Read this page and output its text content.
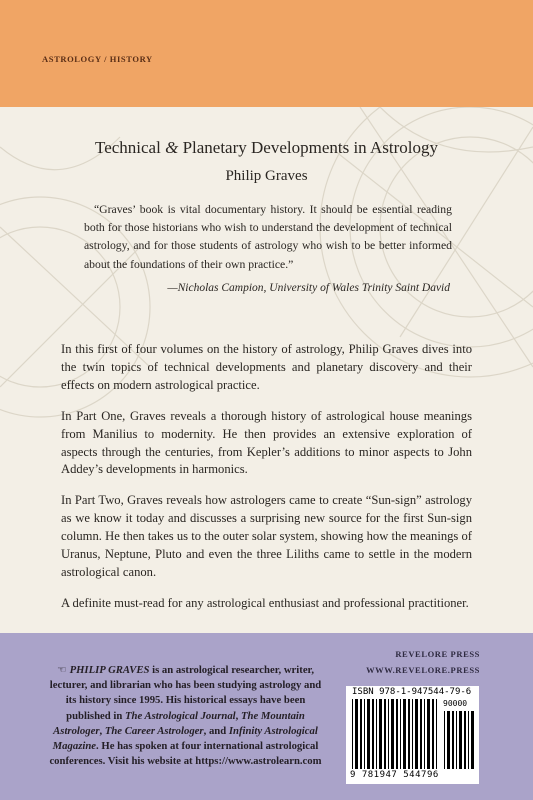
ASTROLOGY / HISTORY
Technical & Planetary Developments in Astrology
Philip Graves
“Graves’ book is vital documentary history. It should be essential reading both for those historians who wish to understand the development of technical astrology, and for those students of astrology who wish to be better informed about the foundations of their own practice.”
—Nicholas Campion, University of Wales Trinity Saint David

In this first of four volumes on the history of astrology, Philip Graves dives into the twin topics of technical developments and planetary discovery and their effects on modern astrological practice.

In Part One, Graves reveals a thorough history of astrological house meanings from Manilius to modernity. He then provides an extensive exploration of aspects through the centuries, from Kepler’s additions to minor aspects to John Addey’s developments in harmonics.

In Part Two, Graves reveals how astrologers came to create “Sun-sign” astrology as we know it today and discusses a surprising new source for the first Sun-sign column. He then takes us to the outer solar system, showing how the meanings of Uranus, Neptune, Pluto and even the three Liliths came to settle in the modern astrological canon.

A definite must-read for any astrological enthusiast and professional practitioner.

☜ PHILIP GRAVES is an astrological researcher, writer, lecturer, and librarian who has been studying astrology and its history since 1995. His historical essays have been published in The Astrological Journal, The Mountain Astrologer, The Career Astrologer, and Infinity Astrological Magazine. He has spoken at four international astrological conferences. Visit his website at https://www.astrolearn.com
REVELORE PRESS
WWW.REVELORE.PRESS
ISBN 978-1-947544-79-6
90000
9 781947 544796
